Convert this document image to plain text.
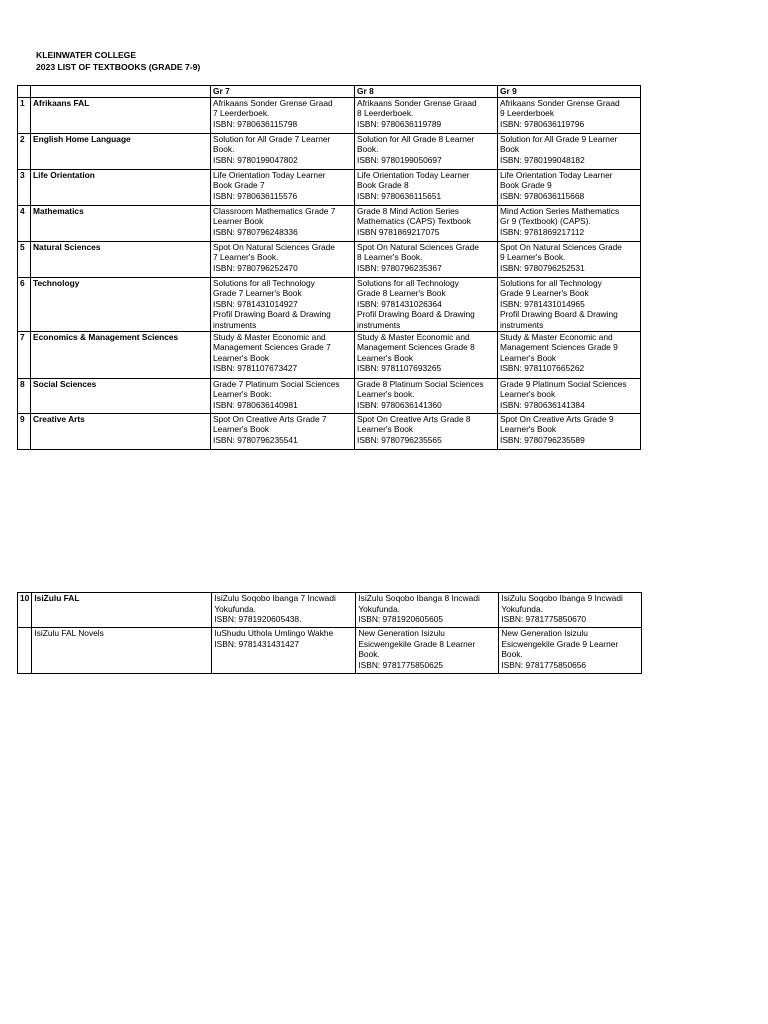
KLEINWATER COLLEGE
2023 LIST OF TEXTBOOKS (GRADE 7-9)
		Gr 7	Gr 8	Gr 9
1	Afrikaans FAL	Afrikaans Sonder Grense Graad
7 Leerderboek.
ISBN: 9780636115798	Afrikaans Sonder Grense Graad
8 Leerderboek.
ISBN: 9780636119789	Afrikaans Sonder Grense Graad
9 Leerderboek
ISBN: 9780636119796
2	English Home Language	Solution for All Grade 7 Learner
Book.
ISBN: 9780199047802	Solution for All Grade 8 Learner
Book.
ISBN: 9780199050697	Solution for All Grade 9 Learner
Book
ISBN: 9780199048182
3	Life Orientation	Life Orientation Today Learner
Book Grade 7
ISBN: 9780636115576	Life Orientation Today Learner
Book Grade 8
ISBN: 9780636115651	Life Orientation Today Learner
Book Grade 9
ISBN: 9780636115668
4	Mathematics	Classroom Mathematics Grade 7
Learner Book
ISBN: 9780796248336	Grade 8 Mind Action Series
Mathematics (CAPS) Textbook
ISBN 9781869217075	Mind Action Series Mathematics
Gr 9 (Textbook) (CAPS).
ISBN: 9781869217112
5	Natural Sciences	Spot On Natural Sciences Grade
7 Learner's Book.
ISBN: 9780796252470	Spot On Natural Sciences Grade
8 Learner's Book.
ISBN: 9780796235367	Spot On Natural Sciences Grade
9 Learner's Book.
ISBN: 9780796252531
6	Technology	Solutions for all Technology
Grade 7 Learner's Book
ISBN: 9781431014927
Profil Drawing Board & Drawing
instruments	Solutions for all Technology
Grade 8 Learner's Book
ISBN: 9781431026364
Profil Drawing Board & Drawing
instruments	Solutions for all Technology
Grade 9 Learner's Book
ISBN: 9781431014965
Profil Drawing Board & Drawing
instruments
7	Economics & Management Sciences	Study & Master Economic and
Management Sciences Grade 7
Learner's Book
ISBN: 9781107673427	Study & Master Economic and
Management Sciences Grade 8
Learner's Book
ISBN: 9781107693265	Study & Master Economic and
Management Sciences Grade 9
Learner's Book
ISBN: 9781107665262
8	Social Sciences	Grade 7 Platinum Social Sciences
Learner's Book:
ISBN: 9780636140981	Grade 8 Platinum Social Sciences
Learner's book.
ISBN: 9780636141360	Grade 9 Platinum Social Sciences
Learner's book
ISBN: 9780636141384
9	Creative Arts	Spot On Creative Arts Grade 7
Learner's Book
ISBN: 9780796235541	Spot On Creative Arts Grade 8
Learner's Book
ISBN: 9780796235565	Spot On Creative Arts Grade 9
Learner's Book
ISBN: 9780796235589
10	IsiZulu FAL	IsiZulu Soqobo Ibanga 7 Incwadi
Yokufunda.
ISBN: 9781920605438.	IsiZulu Soqobo Ibanga 8 Incwadi
Yokufunda.
ISBN: 9781920605605	IsiZulu Soqobo Ibanga 9 Incwadi
Yokufunda.
ISBN: 9781775850670
	IsiZulu FAL Novels	IuShudu Uthola Umlingo Wakhe
ISBN: 9781431431427	New Generation Isizulu
Esicwengekile Grade 8 Learner
Book.
ISBN: 9781775850625	New Generation Isizulu
Esicwengekile Grade 9 Learner
Book.
ISBN: 9781775850656
